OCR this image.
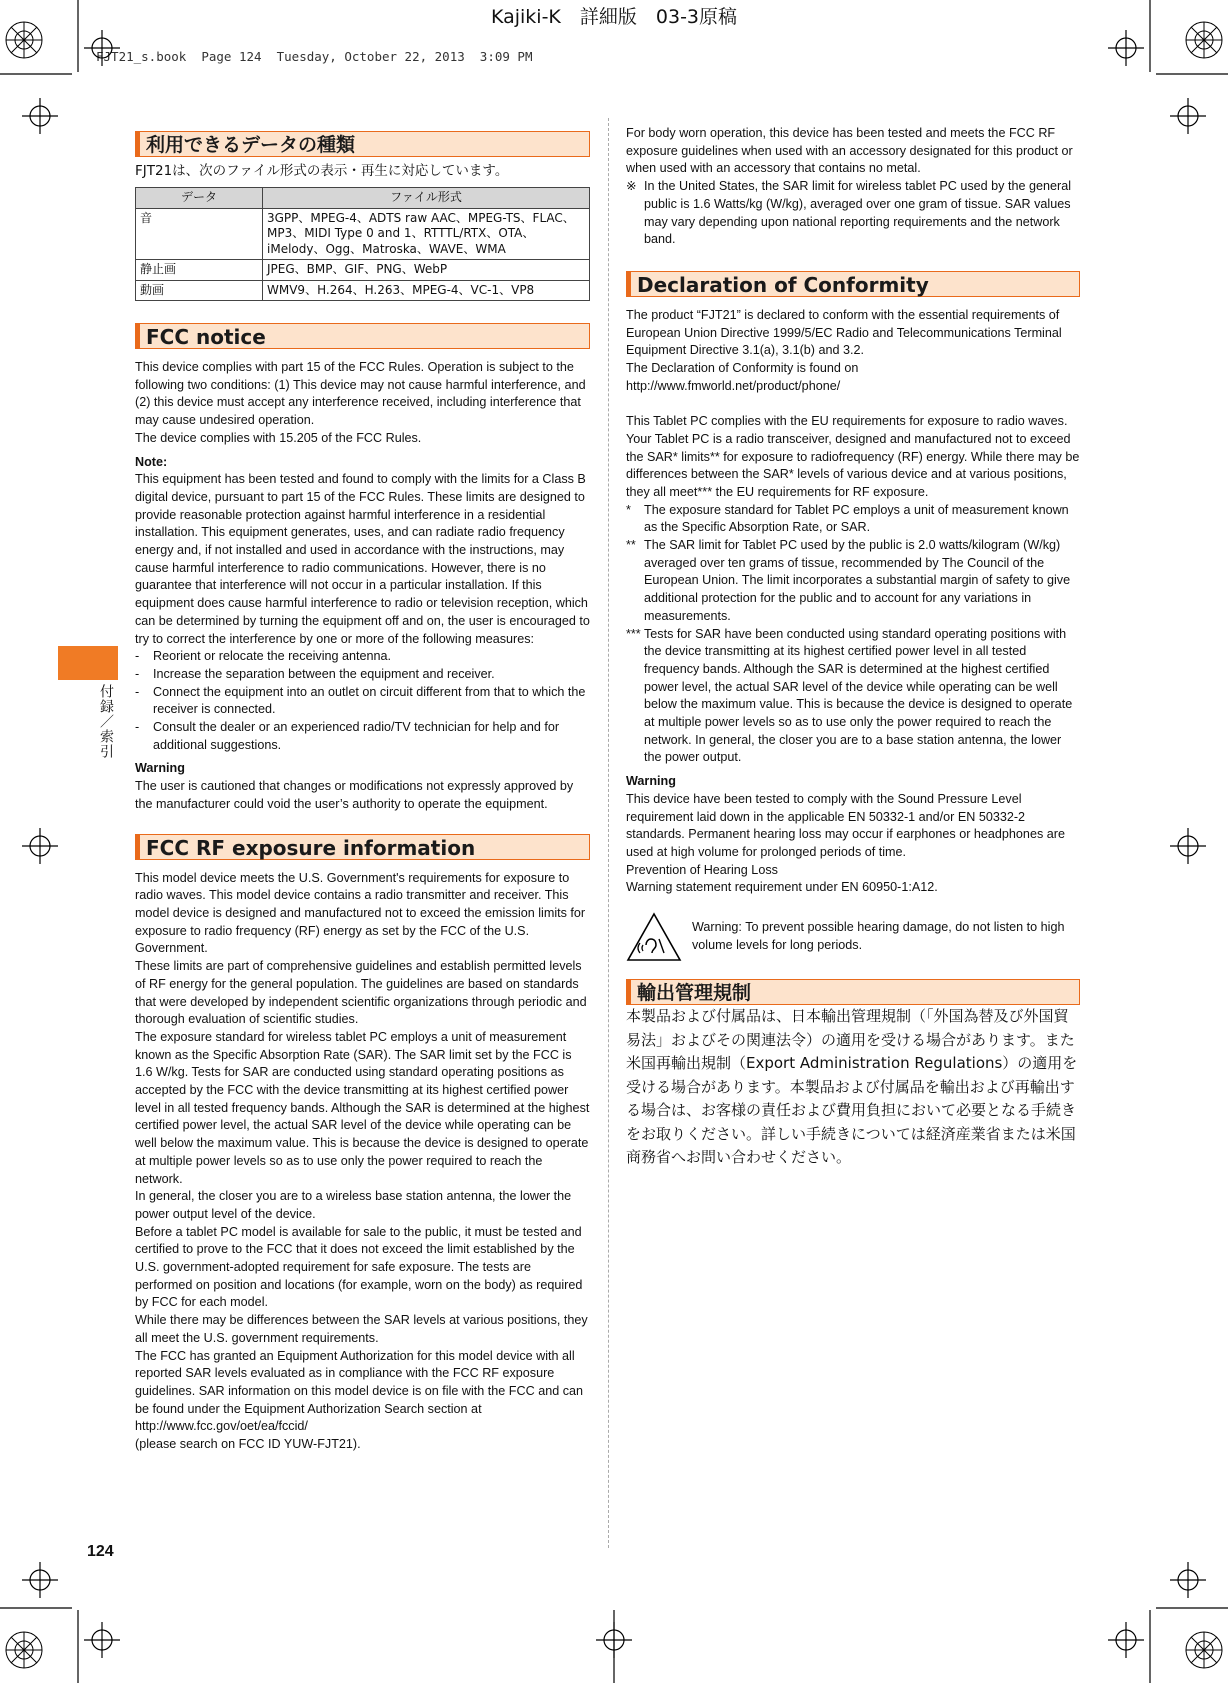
Kajiki-K　詳細版　03-3原稿
FJT21_s.book  Page 124  Tuesday, October 22, 2013  3:09 PM
付録／索引
124
利用できるデータの種類

FJT21は、次のファイル形式の表示・再生に対応しています。

データ	ファイル形式
音	3GPP、MPEG-4、ADTS raw AAC、MPEG-TS、FLAC、MP3、MIDI Type 0 and 1、RTTTL/RTX、OTA、iMelody、Ogg、Matroska、WAVE、WMA
静止画	JPEG、BMP、GIF、PNG、WebP
動画	WMV9、H.264、H.263、MPEG-4、VC-1、VP8
FCC notice

This device complies with part 15 of the FCC Rules. Operation is subject to the following two conditions: (1) This device may not cause harmful interference, and (2) this device must accept any interference received, including interference that may cause undesired operation.

The device complies with 15.205 of the FCC Rules.

Note:

This equipment has been tested and found to comply with the limits for a Class B digital device, pursuant to part 15 of the FCC Rules. These limits are designed to provide reasonable protection against harmful interference in a residential installation. This equipment generates, uses, and can radiate radio frequency energy and, if not installed and used in accordance with the instructions, may cause harmful interference to radio communications. However, there is no guarantee that interference will not occur in a particular installation. If this equipment does cause harmful interference to radio or television reception, which can be determined by turning the equipment off and on, the user is encouraged to try to correct the interference by one or more of the following measures:

- Reorient or relocate the receiving antenna.
- Increase the separation between the equipment and receiver.
- Connect the equipment into an outlet on circuit different from that to which the receiver is connected.
- Consult the dealer or an experienced radio/TV technician for help and for additional suggestions.

Warning

The user is cautioned that changes or modifications not expressly approved by the manufacturer could void the user’s authority to operate the equipment.

FCC RF exposure information

This model device meets the U.S. Government's requirements for exposure to radio waves. This model device contains a radio transmitter and receiver. This model device is designed and manufactured not to exceed the emission limits for exposure to radio frequency (RF) energy as set by the FCC of the U.S. Government.

These limits are part of comprehensive guidelines and establish permitted levels of RF energy for the general population. The guidelines are based on standards that were developed by independent scientific organizations through periodic and thorough evaluation of scientific studies.

The exposure standard for wireless tablet PC employs a unit of measurement known as the Specific Absorption Rate (SAR). The SAR limit set by the FCC is 1.6 W/kg. Tests for SAR are conducted using standard operating positions as accepted by the FCC with the device transmitting at its highest certified power level in all tested frequency bands. Although the SAR is determined at the highest certified power level, the actual SAR level of the device while operating can be well below the maximum value. This is because the device is designed to operate at multiple power levels so as to use only the power required to reach the network.

In general, the closer you are to a wireless base station antenna, the lower the power output level of the device.

Before a tablet PC model is available for sale to the public, it must be tested and certified to prove to the FCC that it does not exceed the limit established by the U.S. government-adopted requirement for safe exposure. The tests are performed on position and locations (for example, worn on the body) as required by FCC for each model.

While there may be differences between the SAR levels at various positions, they all meet the U.S. government requirements.

The FCC has granted an Equipment Authorization for this model device with all reported SAR levels evaluated as in compliance with the FCC RF exposure guidelines. SAR information on this model device is on file with the FCC and can be found under the Equipment Authorization Search section at http://www.fcc.gov/oet/ea/fccid/

(please search on FCC ID YUW-FJT21).

For body worn operation, this device has been tested and meets the FCC RF exposure guidelines when used with an accessory designated for this product or when used with an accessory that contains no metal.

※ In the United States, the SAR limit for wireless tablet PC used by the general public is 1.6 Watts/kg (W/kg), averaged over one gram of tissue. SAR values may vary depending upon national reporting requirements and the network band.
Declaration of Conformity

The product “FJT21” is declared to conform with the essential requirements of European Union Directive 1999/5/EC Radio and Telecommunications Terminal Equipment Directive 3.1(a), 3.1(b) and 3.2.

The Declaration of Conformity is found on

http://www.fmworld.net/product/phone/

This Tablet PC complies with the EU requirements for exposure to radio waves.

Your Tablet PC is a radio transceiver, designed and manufactured not to exceed the SAR* limits** for exposure to radiofrequency (RF) energy. While there may be differences between the SAR* levels of various device and at various positions, they all meet*** the EU requirements for RF exposure.

* The exposure standard for Tablet PC employs a unit of measurement known as the Specific Absorption Rate, or SAR.
** The SAR limit for Tablet PC used by the public is 2.0 watts/kilogram (W/kg) averaged over ten grams of tissue, recommended by The Council of the European Union. The limit incorporates a substantial margin of safety to give additional protection for the public and to account for any variations in measurements.
*** Tests for SAR have been conducted using standard operating positions with the device transmitting at its highest certified power level in all tested frequency bands. Although the SAR is determined at the highest certified power level, the actual SAR level of the device while operating can be well below the maximum value. This is because the device is designed to operate at multiple power levels so as to use only the power required to reach the network. In general, the closer you are to a base station antenna, the lower the power output.

Warning

This device have been tested to comply with the Sound Pressure Level requirement laid down in the applicable EN 50332-1 and/or EN 50332-2 standards. Permanent hearing loss may occur if earphones or headphones are used at high volume for prolonged periods of time.

Prevention of Hearing Loss

Warning statement requirement under EN 60950-1:A12.

Warning: To prevent possible hearing damage, do not listen to high volume levels for long periods.
輸出管理規制

本製品および付属品は、日本輸出管理規制（「外国為替及び外国貿易法」およびその関連法令）の適用を受ける場合があります。また米国再輸出規制（Export Administration Regulations）の適用を受ける場合があります。本製品および付属品を輸出および再輸出する場合は、お客様の責任および費用負担において必要となる手続きをお取りください。詳しい手続きについては経済産業省または米国商務省へお問い合わせください。
